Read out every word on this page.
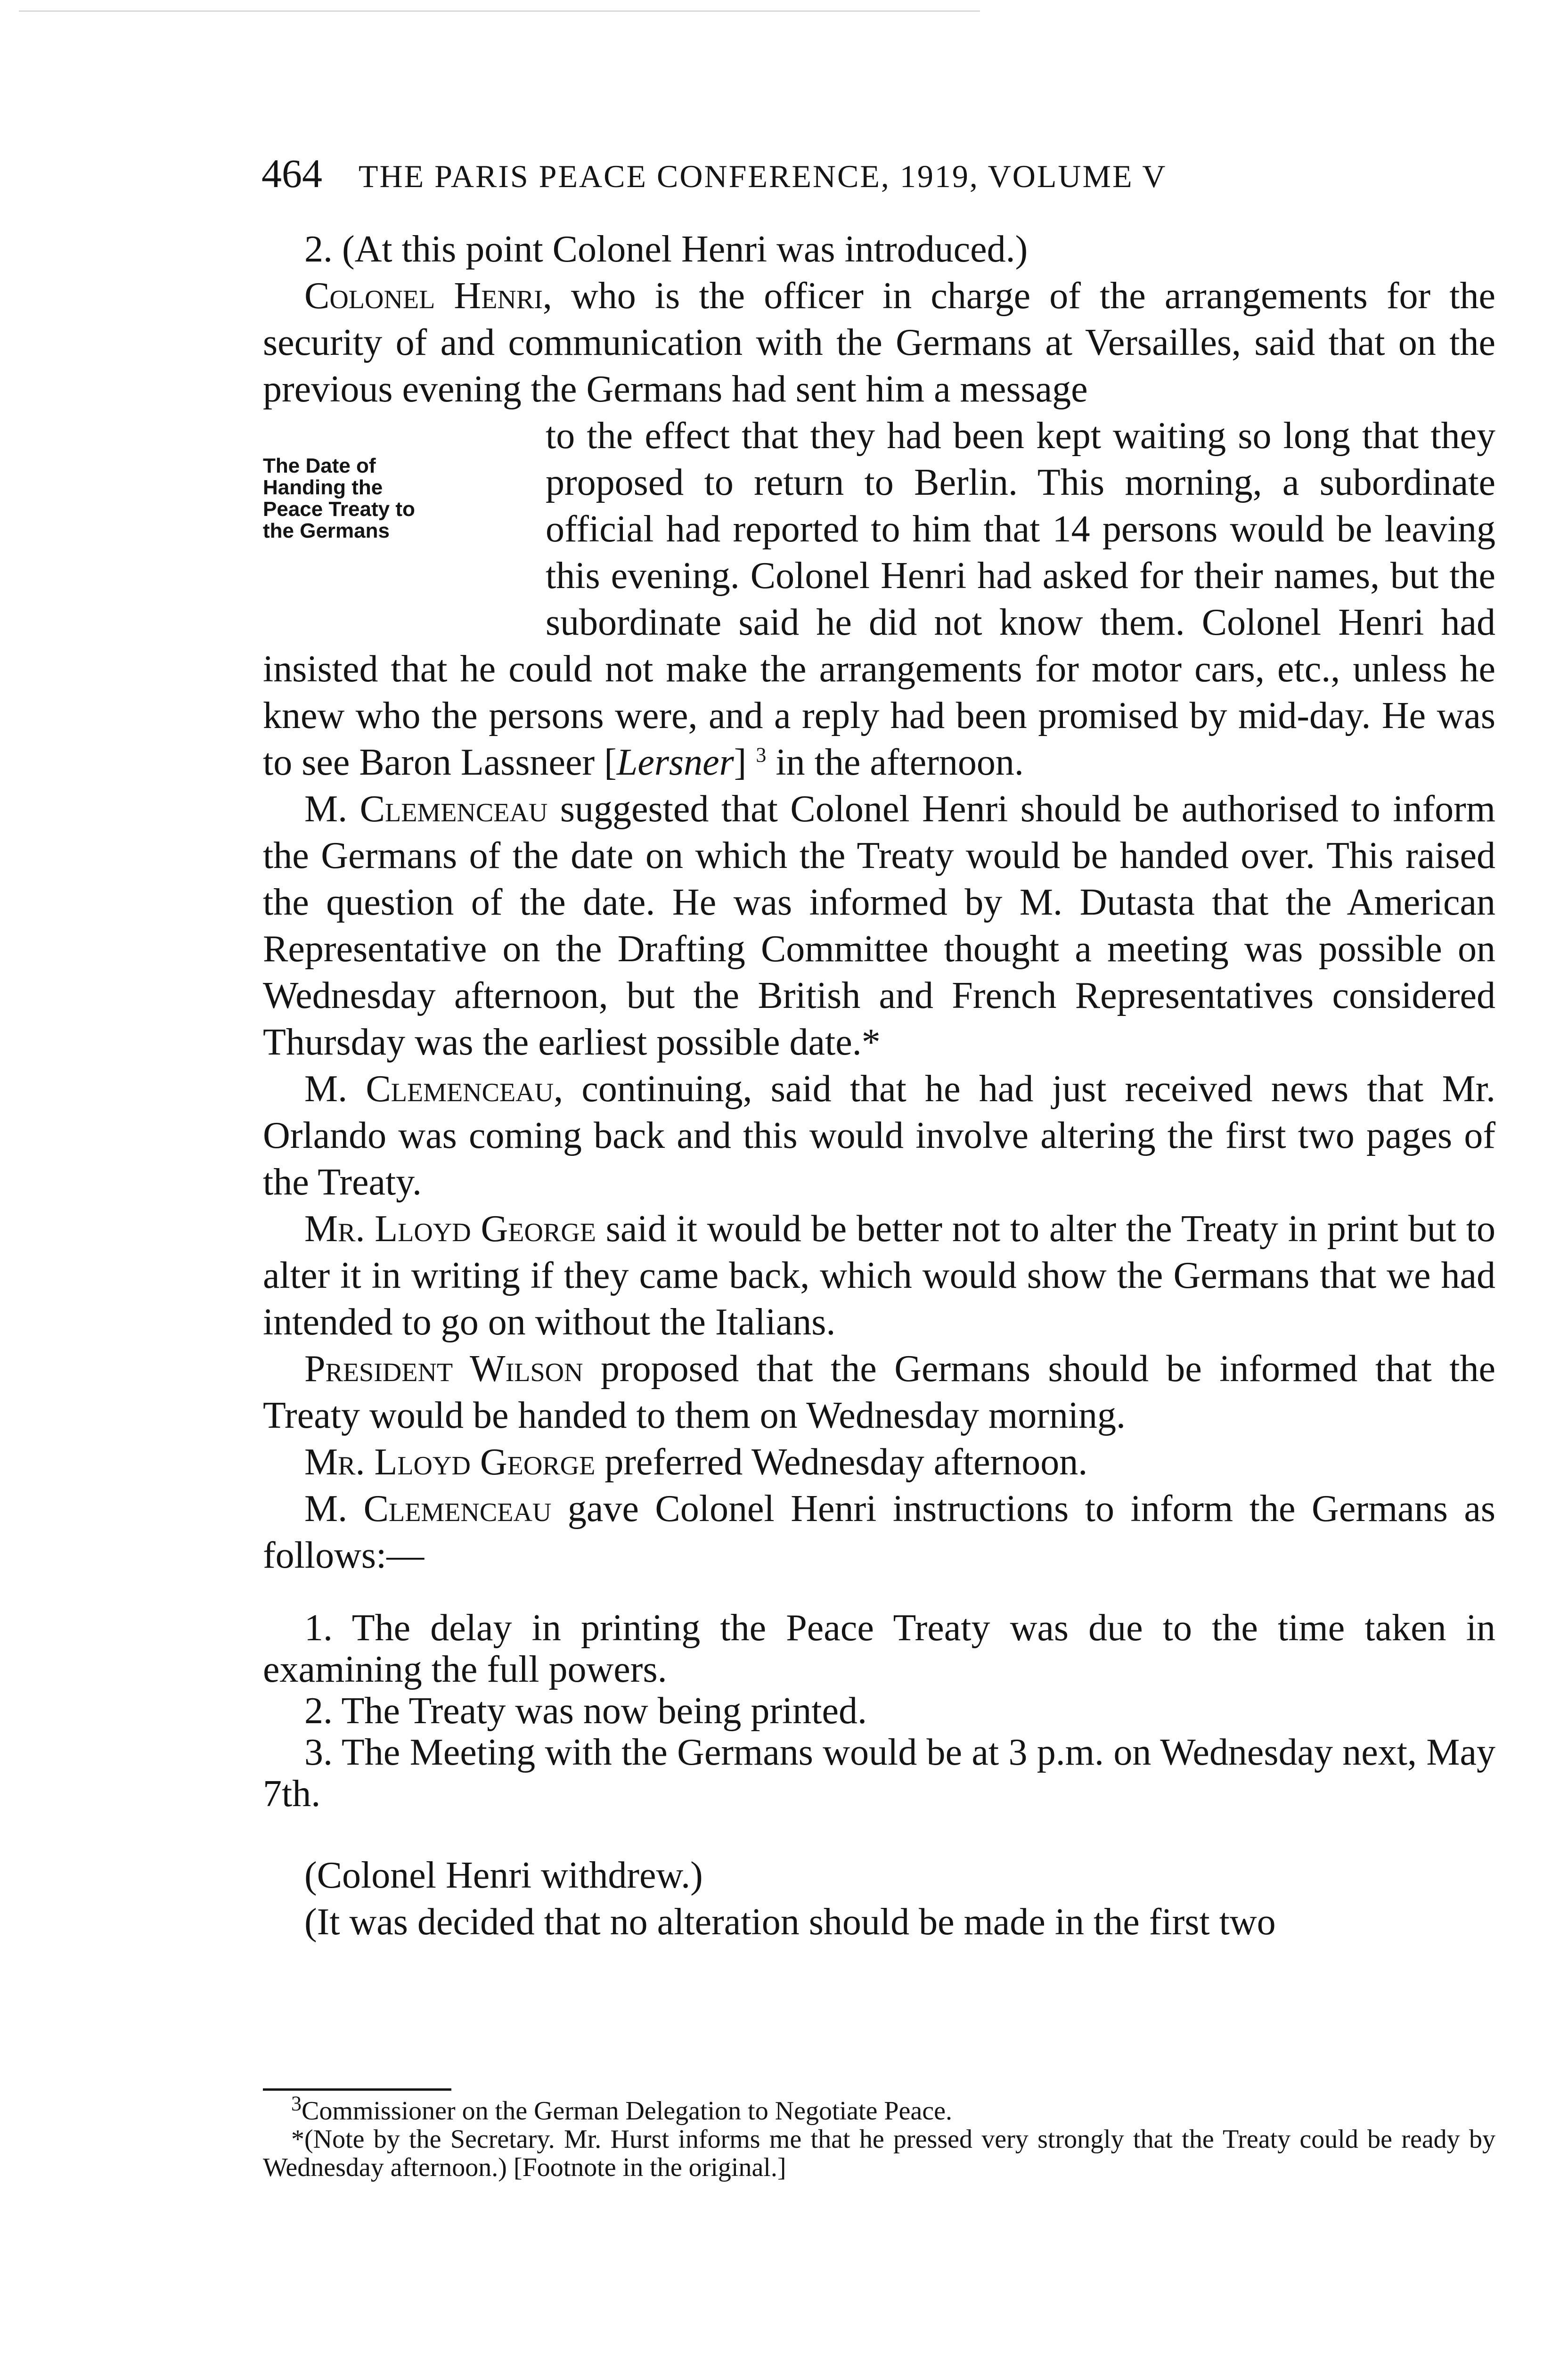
464 THE PARIS PEACE CONFERENCE, 1919, VOLUME V

2. (At this point Colonel Henri was introduced.)

Colonel Henri, who is the officer in charge of the arrangements for the security of and communication with the Germans at Versailles, said that on the previous evening the Germans had sent him a message

The Date of
Handing the
Peace Treaty to
the Germans

to the effect that they had been kept waiting so long that they proposed to return to Berlin. This morning, a subordinate official had reported to him that 14 persons would be leaving this evening. Colonel Henri had asked for their names, but the subordinate said he did not know them. Colonel Henri had insisted that he could not make the arrangements for motor cars, etc., unless he knew who the persons were, and a reply had been promised by mid-day. He was to see Baron Lassneer [Lersner] $^3$ in the afternoon.

M. Clemenceau suggested that Colonel Henri should be authorised to inform the Germans of the date on which the Treaty would be handed over. This raised the question of the date. He was informed by M. Dutasta that the American Representative on the Drafting Committee thought a meeting was possible on Wednesday afternoon, but the British and French Representatives considered Thursday was the earliest possible date.*

M. Clemenceau, continuing, said that he had just received news that Mr. Orlando was coming back and this would involve altering the first two pages of the Treaty.

Mr. Lloyd George said it would be better not to alter the Treaty in print but to alter it in writing if they came back, which would show the Germans that we had intended to go on without the Italians.

President Wilson proposed that the Germans should be informed that the Treaty would be handed to them on Wednesday morning.

Mr. Lloyd George preferred Wednesday afternoon.

M. Clemenceau gave Colonel Henri instructions to inform the Germans as follows:—

1. The delay in printing the Peace Treaty was due to the time taken in examining the full powers.

2. The Treaty was now being printed.

3. The Meeting with the Germans would be at 3 p.m. on Wednesday next, May 7th.

(Colonel Henri withdrew.)

(It was decided that no alteration should be made in the first two

$^3$Commissioner on the German Delegation to Negotiate Peace.

*(Note by the Secretary. Mr. Hurst informs me that he pressed very strongly that the Treaty could be ready by Wednesday afternoon.) [Footnote in the original.]
